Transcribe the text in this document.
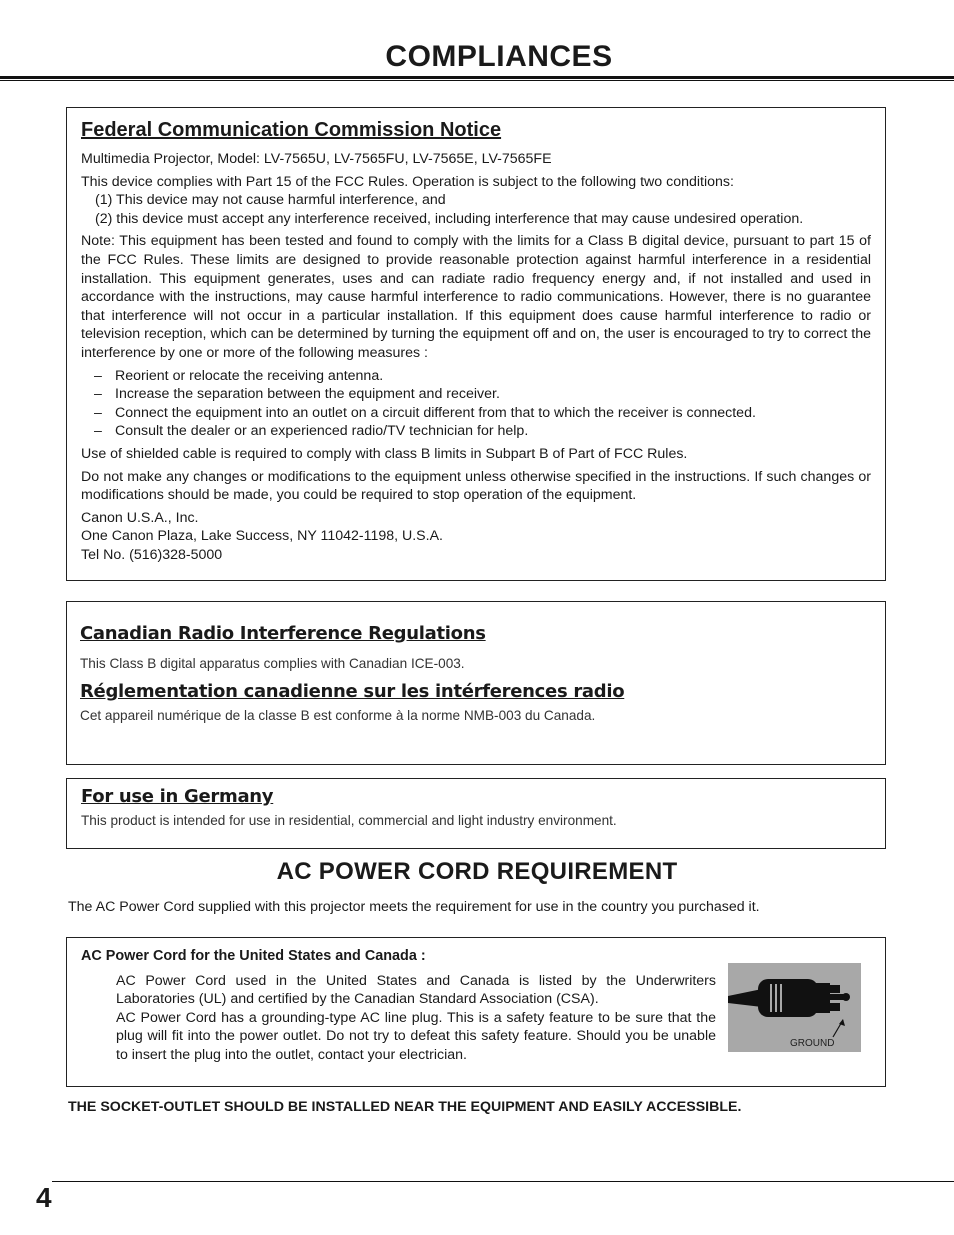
COMPLIANCES
Federal Communication Commission Notice

Multimedia Projector, Model: LV-7565U, LV-7565FU, LV-7565E, LV-7565FE

This device complies with Part 15 of the FCC Rules. Operation is subject to the following two conditions:

(1) This device may not cause harmful interference, and

(2) this device must accept any interference received, including interference that may cause undesired operation.

Note: This equipment has been tested and found to comply with the limits for a Class B digital device, pursuant to part 15 of the FCC Rules. These limits are designed to provide reasonable protection against harmful interference in a residential installation. This equipment generates, uses and can radiate radio frequency energy and, if not installed and used in accordance with the instructions, may cause harmful interference to radio communications. However, there is no guarantee that interference will not occur in a particular installation. If this equipment does cause harmful interference to radio or television reception, which can be determined by turning the equipment off and on, the user is encouraged to try to correct the interference by one or more of the following measures :

– Reorient or relocate the receiving antenna.
– Increase the separation between the equipment and receiver.
– Connect the equipment into an outlet on a circuit different from that to which the receiver is connected.
– Consult the dealer or an experienced radio/TV technician for help.

Use of shielded cable is required to comply with class B limits in Subpart B of Part of FCC Rules.

Do not make any changes or modifications to the equipment unless otherwise specified in the instructions. If such changes or modifications should be made, you could be required to stop operation of the equipment.

Canon U.S.A., Inc.

One Canon Plaza, Lake Success, NY 11042-1198, U.S.A.

Tel No. (516)328-5000

Canadian Radio Interference Regulations

This Class B digital apparatus complies with Canadian ICE-003.

Réglementation canadienne sur les intérferences radio

Cet appareil numérique de la classe B est conforme à la norme NMB-003 du Canada.

For use in Germany

This product is intended for use in residential, commercial and light industry environment.

AC POWER CORD REQUIREMENT

The AC Power Cord supplied with this projector meets the requirement for use in the country you purchased it.

AC Power Cord for the United States and Canada :

AC Power Cord used in the United States and Canada is listed by the Underwriters Laboratories (UL) and certified by the Canadian Standard Association (CSA).

AC Power Cord has a grounding-type AC line plug. This is a safety feature to be sure that the plug will fit into the power outlet. Do not try to defeat this safety feature. Should you be unable to insert the plug into the outlet, contact your electrician.

GROUND

THE SOCKET-OUTLET SHOULD BE INSTALLED NEAR THE EQUIPMENT AND EASILY ACCESSIBLE.

4
